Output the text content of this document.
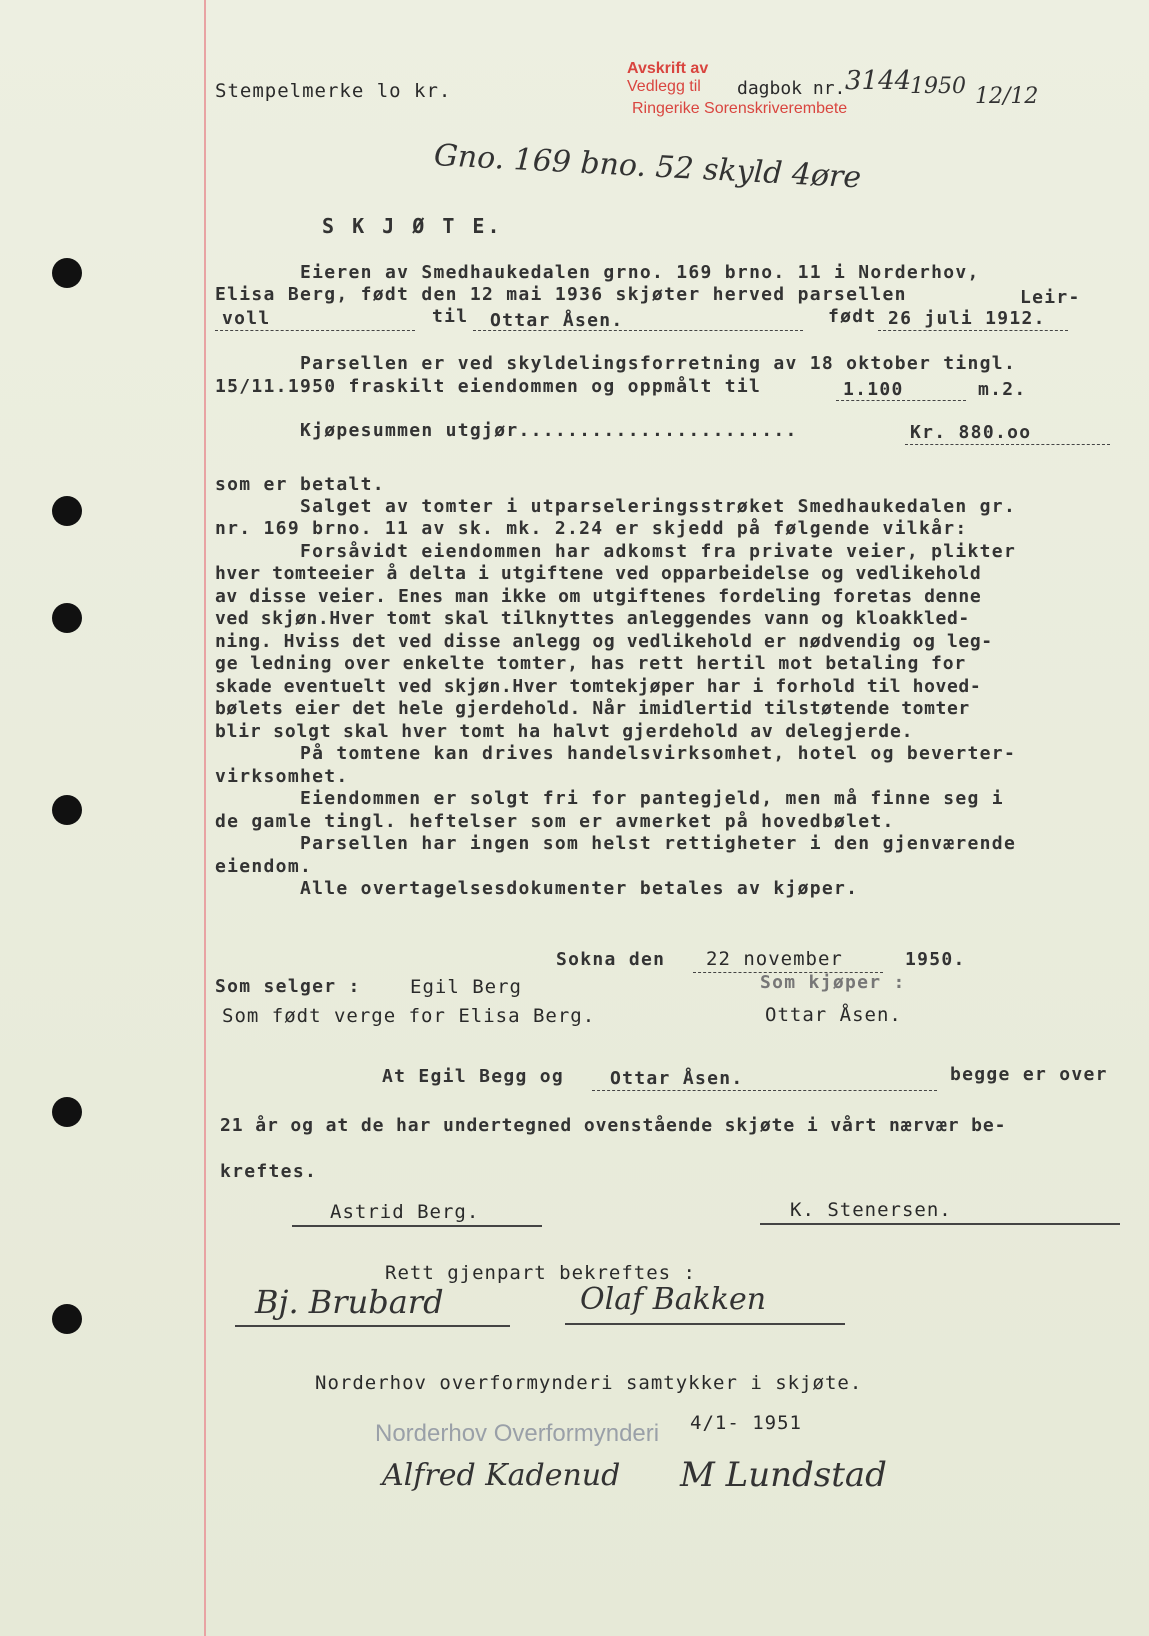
Stempelmerke lo kr.
Avskrift av
Vedlegg til dagbok nr. 3144
1950 12/12
Ringerike Sorenskriverembete
Gno. 169 bno. 52 skyld 4øre
S K J Ø T E.
Eieren av Smedhaukedalen grno. 169 brno. 11 i Norderhov,
Elisa Berg, født den 12 mai 1936 skjøter herved parsellen	Leir-
voll	til Ottar Åsen.	født 26 juli 1912.
Parsellen er ved skyldelingsforretning av 18 oktober tingl.
15/11.1950 fraskilt eiendommen og oppmålt til	1.100	m.2.
Kjøpesummen utgjør.......................	Kr. 880.oo
som er betalt.
Salget av tomter i utparseleringsstrøket Smedhaukedalen gr.
nr. 169 brno. 11 av sk. mk. 2.24 er skjedd på følgende vilkår:
Forsåvidt eiendommen har adkomst fra private veier, plikter
hver tomteeier å delta i utgiftene ved opparbeidelse og vedlikehold
av disse veier. Enes man ikke om utgiftenes fordeling foretas denne
ved skjøn.Hver tomt skal tilknyttes anleggendes vann og kloakkled-
ning. Hviss det ved disse anlegg og vedlikehold er nødvendig og leg-
ge ledning over enkelte tomter, has rett hertil mot betaling for
skade eventuelt ved skjøn.Hver tomtekjøper har i forhold til hoved-
bølets eier det hele gjerdehold. Når imidlertid tilstøtende tomter
blir solgt skal hver tomt ha halvt gjerdehold av delegjerde.
På tomtene kan drives handelsvirksomhet, hotel og beverter-
virksomhet.
Eiendommen er solgt fri for pantegjeld, men må finne seg i
de gamle tingl. heftelser som er avmerket på hovedbølet.
Parsellen har ingen som helst rettigheter i den gjenværende
eiendom.
Alle overtagelsesdokumenter betales av kjøper.
Sokna den 22 november	1950.
Som selger :	Egil Berg	Som kjøper :
Som født verge for Elisa Berg.	Ottar Åsen.
At Egil Begg og	Ottar Åsen.	begge er over
21 år og at de har undertegned ovenstående skjøte i vårt nærvær be-
kreftes.
Astrid Berg.	K. Stenersen.
Rett gjenpart bekreftes :
Bj. Brubard	Olaf Bakken
Norderhov overformynderi samtykker i skjøte.
Norderhov Overformynderi 4/1- 1951
Alfred Kadenud M Lundstad
